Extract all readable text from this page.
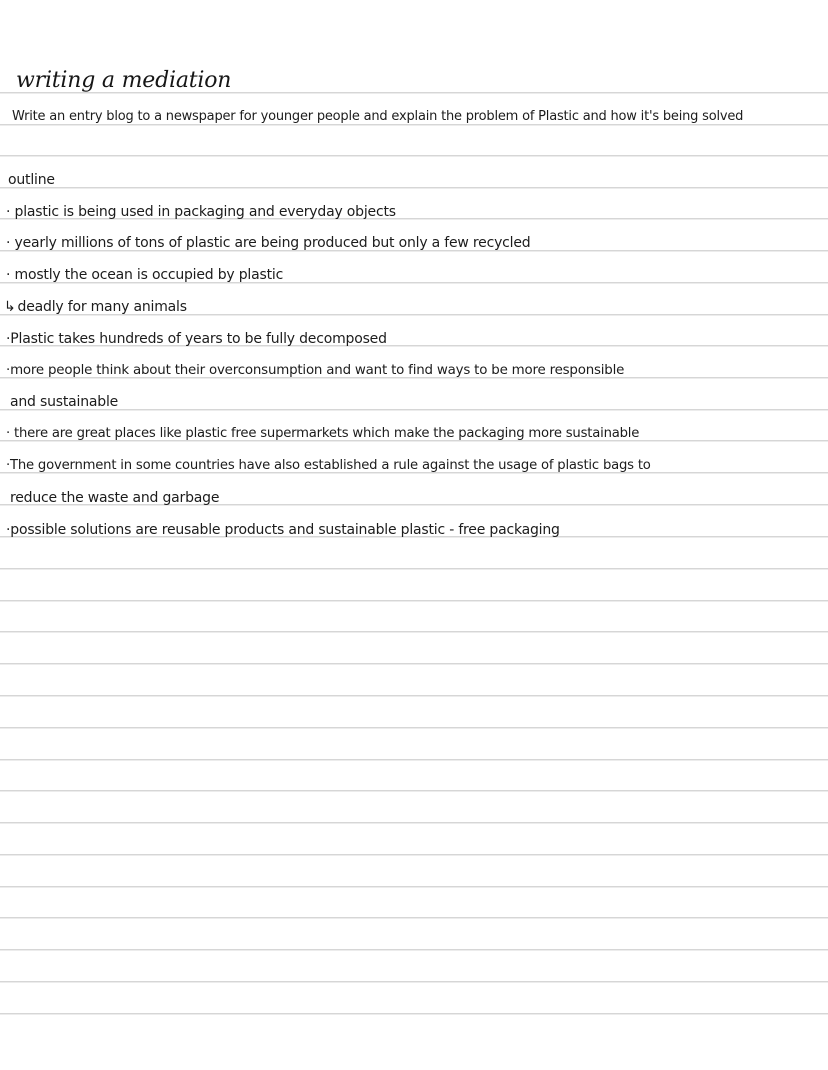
writing a mediation
Write an entry blog to a newspaper for younger people and explain the problem of Plastic and how it's being solved
outline
· plastic is being used in packaging and everyday objects
· yearly millions of tons of plastic are being produced but only a few recycled
· mostly the ocean is occupied by plastic
↳ deadly for many animals
·Plastic takes hundreds of years to be fully decomposed
·more people think about their overconsumption and want to find ways to be more responsible
and sustainable
· there are great places like plastic free supermarkets which make the packaging more sustainable
·The government in some countries have also established a rule against the usage of plastic bags to
reduce the waste and garbage
·possible solutions are reusable products and sustainable plastic - free packaging
